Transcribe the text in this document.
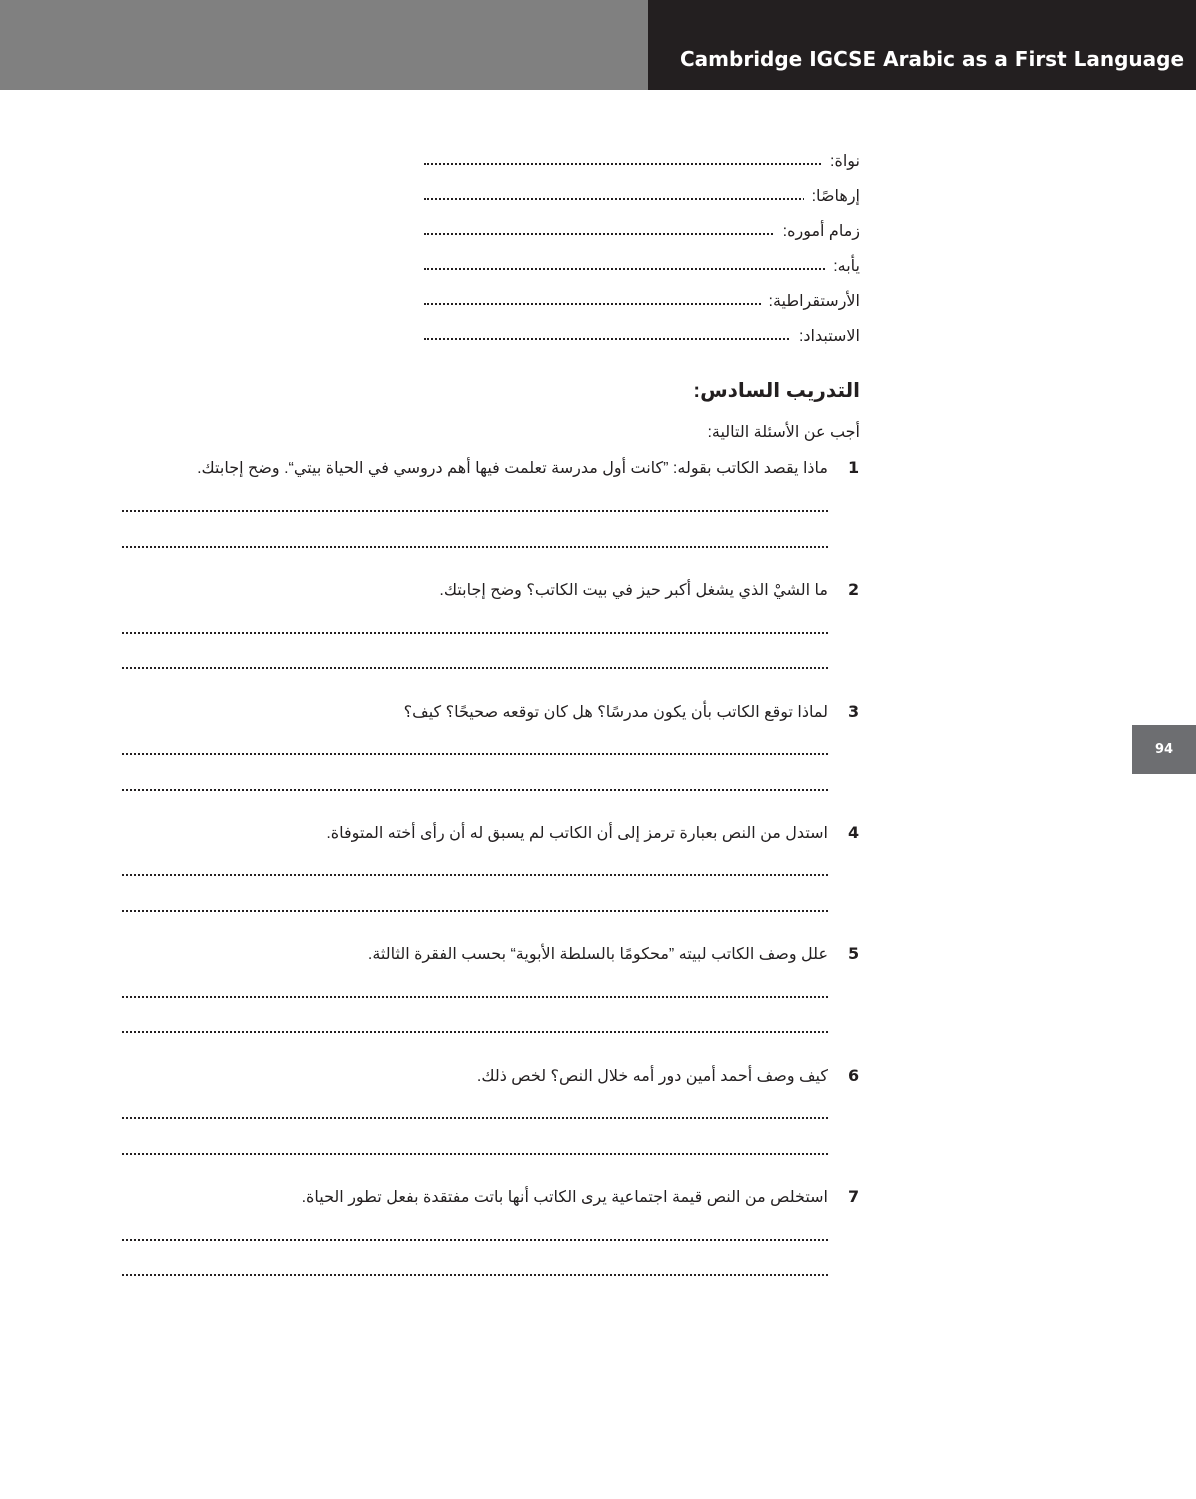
Cambridge IGCSE Arabic as a First Language
94
نواة:
إرهاصًا:
زمام أموره:
يأبه:
الأرستقراطية:
الاستبداد:
التدريب السادس:
أجب عن الأسئلة التالية:
1
ماذا يقصد الكاتب بقوله: ”كانت أول مدرسة تعلمت فيها أهم دروسي في الحياة بيتي“. وضح إجابتك.
2
ما الشيْ الذي يشغل أكبر حيز في بيت الكاتب؟ وضح إجابتك.
3
لماذا توقع الكاتب بأن يكون مدرسًا؟ هل كان توقعه صحيحًا؟ كيف؟
4
استدل من النص بعبارة ترمز إلى أن الكاتب لم يسبق له أن رأى أخته المتوفاة.
5
علل وصف الكاتب لبيته ”محكومًا بالسلطة الأبوية“ بحسب الفقرة الثالثة.
6
كيف وصف أحمد أمين دور أمه خلال النص؟ لخص ذلك.
7
استخلص من النص قيمة اجتماعية يرى الكاتب أنها باتت مفتقدة بفعل تطور الحياة.
